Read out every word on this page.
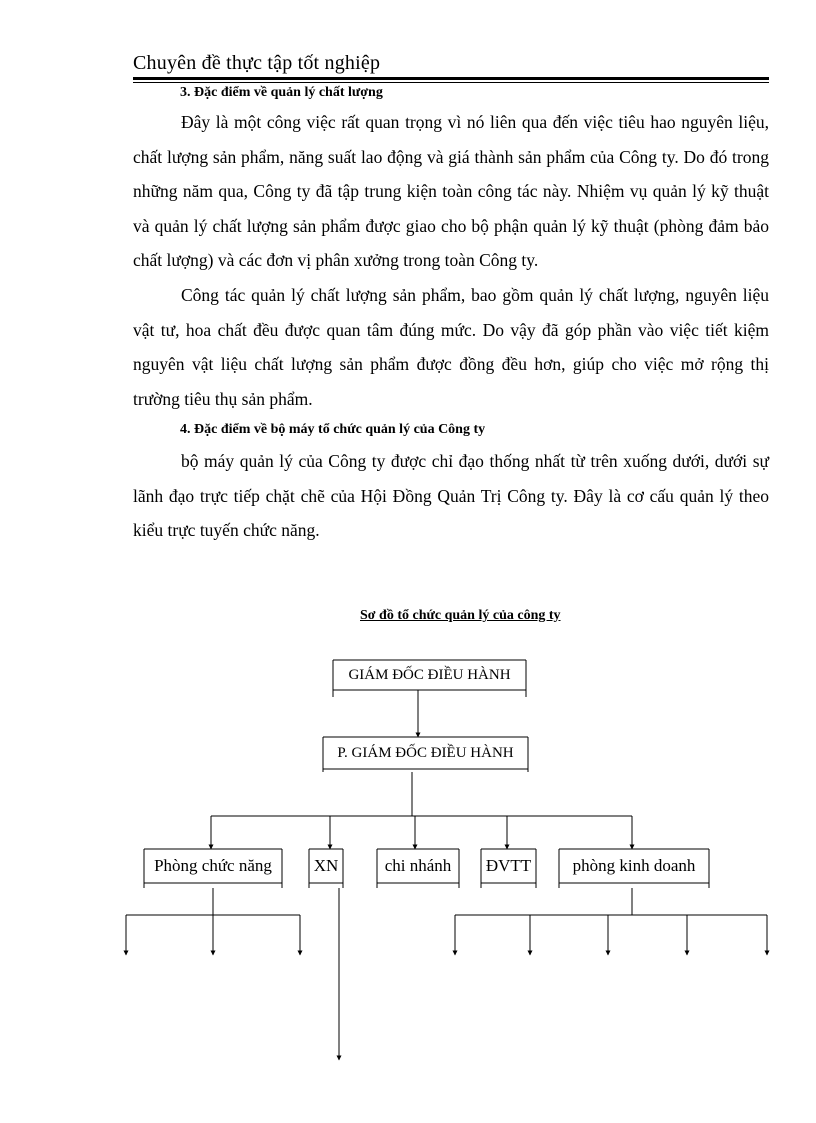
Chuyên đề thực tập tốt nghiệp
3. Đặc điểm về quản lý chất lượng

Đây là một công việc rất quan trọng vì nó liên qua đến việc tiêu hao nguyên liệu, chất lượng sản phẩm, năng suất lao động và giá thành sản phẩm của Công ty. Do đó trong những năm qua, Công ty đã tập trung kiện toàn công tác này. Nhiệm vụ quản lý kỹ thuật và quản lý chất lượng sản phẩm được giao cho bộ phận quản lý kỹ thuật (phòng đảm bảo chất lượng) và các đơn vị phân xưởng trong toàn Công ty.

Công tác quản lý chất lượng sản phẩm, bao gồm quản lý chất lượng, nguyên liệu vật tư, hoa chất đều được quan tâm đúng mức. Do vậy đã góp phần vào việc tiết kiệm nguyên vật liệu chất lượng sản phẩm được đồng đều hơn, giúp cho việc mở rộng thị trường tiêu thụ sản phẩm.

4. Đặc điểm về bộ máy tổ chức quản lý của Công ty

bộ máy quản lý của Công ty được chỉ đạo thống nhất từ trên xuống dưới, dưới sự lãnh đạo trực tiếp chặt chẽ của Hội Đồng Quản Trị Công ty. Đây là cơ cấu quản lý theo kiểu trực tuyến chức năng.

Sơ đồ tổ chức quản lý của công ty
GIÁM ĐỐC ĐIỀU HÀNH
P. GIÁM ĐỐC ĐIỀU HÀNH
Phòng chức năng	XN	chi nhánh	ĐVTT	phòng kinh doanh
